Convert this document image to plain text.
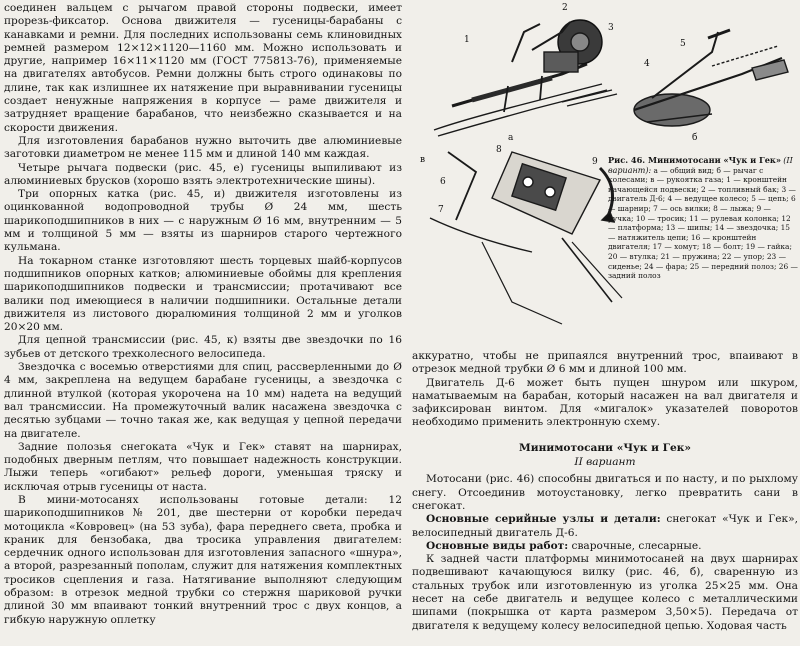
соединен вальцем с рычагом правой стороны подвески, имеет прорезь-фиксатор. Основа движителя — гусеницы-барабаны с канавками и ремни. Для последних использованы семь клиновидных ремней размером 12×12×1120—1160 мм. Можно использовать и другие, например 16×11×1120 мм (ГОСТ 775813-76), применяемые на двигателях автобусов. Ремни должны быть строго одинаковы по длине, так как излишнее их натяжение при выравнивании гусеницы создает ненужные напряжения в корпусе — раме движителя и затрудняет вращение барабанов, что неизбежно сказывается и на скорости движения.

Для изготовления барабанов нужно выточить две алюминиевые заготовки диаметром не менее 115 мм и длиной 140 мм каждая.

Четыре рычага подвески (рис. 45, е) гусеницы выпиливают из алюминиевых брусков (хорошо взять электротехнические шины).

Три опорных катка (рис. 45, и) движителя изготовлены из оцинкованной водопроводной трубы Ø 24 мм, шесть шарикоподшипников в них — с наружным Ø 16 мм, внутренним — 5 мм и толщиной 5 мм — взяты из шарниров старого чертежного кульмана.

На токарном станке изготовляют шесть торцевых шайб-корпусов подшипников опорных катков; алюминиевые обоймы для крепления шарикоподшипников подвески и трансмиссии; протачивают все валики под имеющиеся в наличии подшипники. Остальные детали движителя из листового дюралюминия толщиной 2 мм и уголков 20×20 мм.

Для цепной трансмиссии (рис. 45, к) взяты две звездочки по 16 зубьев от детского трехколесного велосипеда.

Звездочка с восемью отверстиями для спиц, рассверленными до Ø 4 мм, закреплена на ведущем барабане гусеницы, а звездочка с длинной втулкой (которая укорочена на 10 мм) надета на ведущий вал трансмиссии. На промежуточный валик насажена звездочка с десятью зубцами — точно такая же, как ведущая у цепной передачи на двигателе.

Задние полозья снегоката «Чук и Гек» ставят на шарнирах, подобных дверным петлям, что повышает надежность конструкции. Лыжи теперь «огибают» рельеф дороги, уменьшая тряску и исключая отрыв гусеницы от наста.

В мини-мотосанях использованы готовые детали: 12 шарикоподшипников № 201, две шестерни от коробки передач мотоцикла «Ковровец» (на 53 зуба), фара переднего света, пробка и краник для бензобака, два тросика управления двигателем: сердечник одного использован для изготовления запасного «шнура», а второй, разрезанный пополам, служит для натяжения комплектных тросиков сцепления и газа. Натягивание выполняют следующим образом: в отрезок медной трубки со стержня шариковой ручки длиной 30 мм впаивают тонкий внутренний трос с двух концов, а гибкую наружную оплетку

а	б
в
1
2
3
4
5
6
7
8
9 Рис. 46. Минимотосани «Чук и Гек» (II вариант): а — общий вид; б — рычаг с колесами; в — рукоятка газа; 1 — кронштейн качающейся подвески; 2 — топливный бак; 3 — двигатель Д-6; 4 — ведущее колесо; 5 — цепь; 6 — шарнир; 7 — ось вилки; 8 — лыжа; 9 — ручка; 10 — тросик; 11 — рулевая колонка; 12 — платформа; 13 — шипы; 14 — звездочка; 15 — натяжитель цепи; 16 — кронштейн двигателя; 17 — хомут; 18 — болт; 19 — гайка; 20 — втулка; 21 — пружина; 22 — упор; 23 — сиденье; 24 — фара; 25 — передний полоз; 26 — задний полоз

аккуратно, чтобы не припаялся внутренний трос, впаивают в отрезок медной трубки Ø 6 мм и длиной 100 мм.

Двигатель Д-6 может быть пущен шнуром или шкуром, наматываемым на барабан, который насажен на вал двигателя и зафиксирован винтом. Для «мигалок» указателей поворотов необходимо применить электронную схему.

Минимотосани «Чук и Гек»
II вариант

Мотосани (рис. 46) способны двигаться и по насту, и по рыхлому снегу. Отсоединив мотоустановку, легко превратить сани в снегокат.

Основные серийные узлы и детали: снегокат «Чук и Гек», велосипедный двигатель Д-6.

Основные виды работ: сварочные, слесарные.

К задней части платформы минимотосаней на двух шарнирах подвешивают качающуюся вилку (рис. 46, б), сваренную из стальных трубок или изготовленную из уголка 25×25 мм. Она несет на себе двигатель и ведущее колесо с металлическими шипами (покрышка от карта размером 3,50×5). Передача от двигателя к ведущему колесу велосипедной цепью. Ходовая часть
